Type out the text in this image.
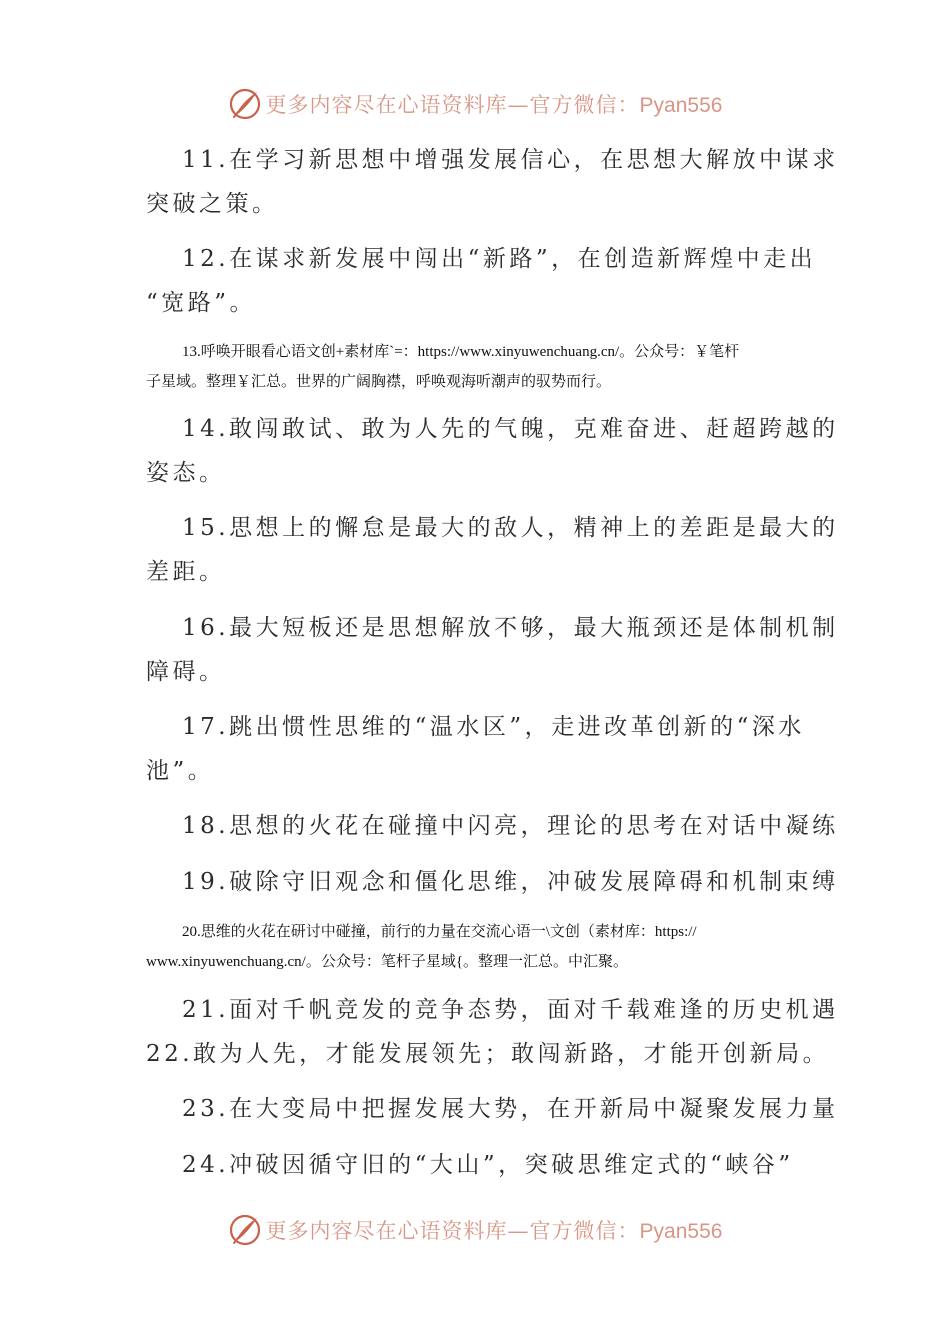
更多内容尽在心语资料库—官方微信：Pyan556
11.在学习新思想中增强发展信心，在思想大解放中谋求
突破之策。
12.在谋求新发展中闯出“新路”，在创造新辉煌中走出
“宽路”。
13.呼唤开眼看心语文创+素材库`=：https://www.xinyuwenchuang.cn/。公众号：￥笔杆
子星域。整理￥汇总。世界的广阔胸襟，呼唤观海听潮声的驭势而行。
14.敢闯敢试、敢为人先的气魄，克难奋进、赶超跨越的
姿态。
15.思想上的懈怠是最大的敌人，精神上的差距是最大的
差距。
16.最大短板还是思想解放不够，最大瓶颈还是体制机制
障碍。
17.跳出惯性思维的“温水区”，走进改革创新的“深水
池”。
18.思想的火花在碰撞中闪亮，理论的思考在对话中凝练
19.破除守旧观念和僵化思维，冲破发展障碍和机制束缚
20.思维的火花在研讨中碰撞，前行的力量在交流心语一\文创（素材库：https://
www.xinyuwenchuang.cn/。公众号：笔杆子星域{。整理一汇总。中汇聚。
21.面对千帆竞发的竞争态势，面对千载难逢的历史机遇
22.敢为人先，才能发展领先；敢闯新路，才能开创新局。
23.在大变局中把握发展大势，在开新局中凝聚发展力量
24.冲破因循守旧的“大山”，突破思维定式的“峡谷”
更多内容尽在心语资料库—官方微信：Pyan556
